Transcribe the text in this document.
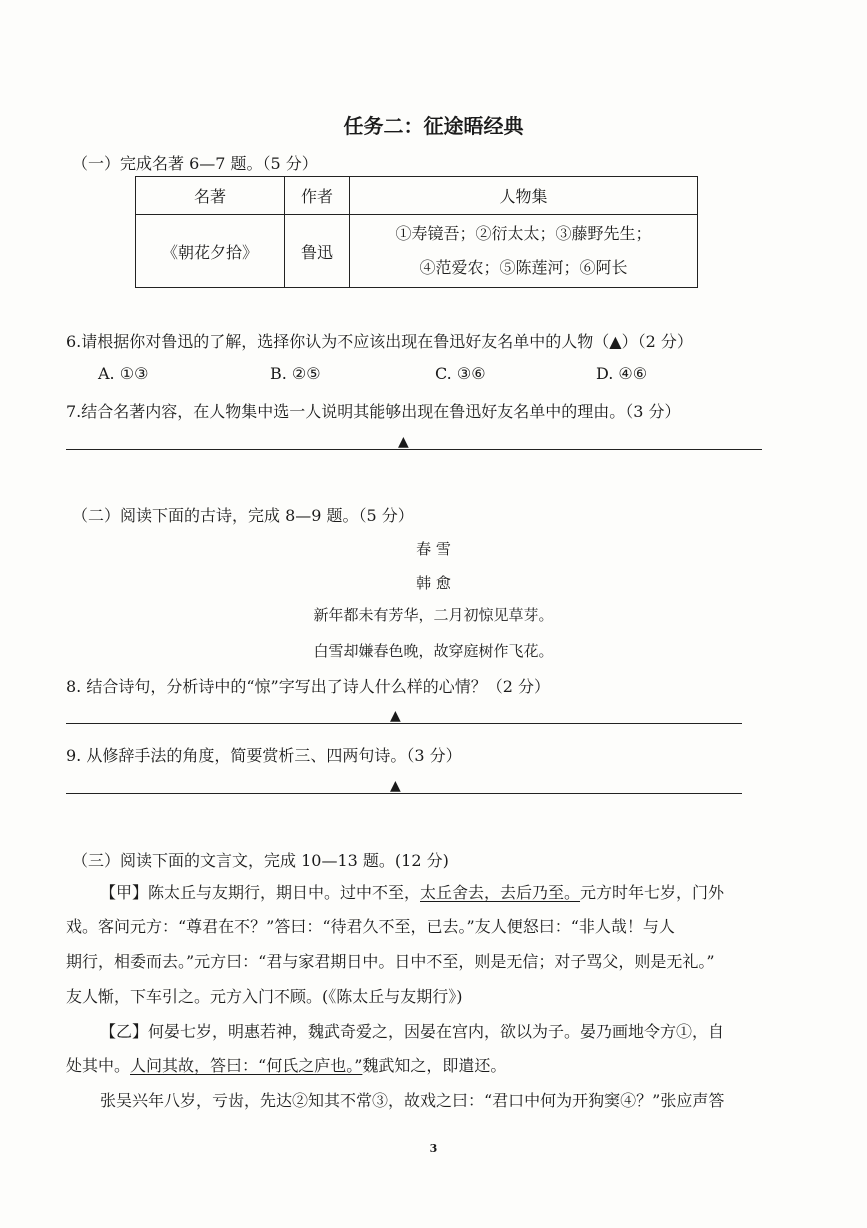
任务二：征途晤经典
（一）完成名著 6—7 题。（5 分）
名著	作者	人物集
《朝花夕拾》	鲁迅	①寿镜吾；②衍太太；③藤野先生；
④范爱农；⑤陈莲河；⑥阿长
6.请根据你对鲁迅的了解，选择你认为不应该出现在鲁迅好友名单中的人物（▲）（2 分）
A. ①③	B. ②⑤	C. ③⑥	D. ④⑥
7.结合名著内容，在人物集中选一人说明其能够出现在鲁迅好友名单中的理由。（3 分）
▲
（二）阅读下面的古诗，完成 8—9 题。（5 分）
春 雪
韩 愈
新年都未有芳华，二月初惊见草芽。
白雪却嫌春色晚，故穿庭树作飞花。
8. 结合诗句，分析诗中的“惊”字写出了诗人什么样的心情？（2 分）
▲
9. 从修辞手法的角度，简要赏析三、四两句诗。（3 分）
▲
（三）阅读下面的文言文，完成 10—13 题。(12 分)
【甲】陈太丘与友期行，期日中。过中不至，太丘舍去，去后乃至。元方时年七岁，门外
戏。客问元方：“尊君在不？”答曰：“待君久不至，已去。”友人便怒曰：“非人哉！与人
期行，相委而去。”元方曰：“君与家君期日中。日中不至，则是无信；对子骂父，则是无礼。”
友人惭，下车引之。元方入门不顾。(《陈太丘与友期行》)
【乙】何晏七岁，明惠若神，魏武奇爱之，因晏在宫内，欲以为子。晏乃画地令方①，自
处其中。人问其故，答曰：“何氏之庐也。”魏武知之，即遣还。
张吴兴年八岁，亏齿，先达②知其不常③，故戏之曰：“君口中何为开狗窦④？”张应声答
3
